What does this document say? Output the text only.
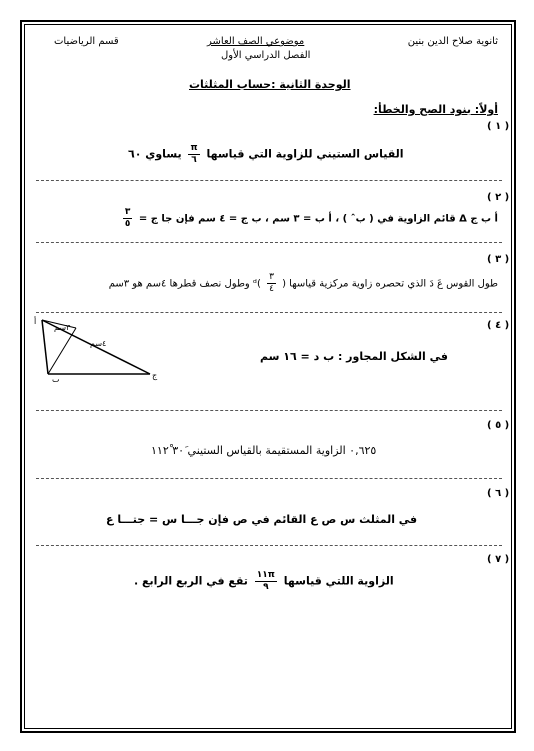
ثانوية صلاح الدين بنين
موضوعي الصف العاشر
الفصل الدراسي الأول
قسم الرياضيات
الوحدة الثانية :حساب المثلثات
أولاً: بنود الصح والخطأ:
( ١ )
القياس الستيني للزاوية التي قياسها
$\frac{\pi}{٦}$
يساوي ٦٠
( ٢ )
أ ب ج Δ قائم الزاوية في ( بˆ ) ، أ ب = ٣ سم ، ب ج = ٤ سم فإن جا ج =
$\frac{٣}{٥}$
( ٣ )
طول القوس عَ دَ الذي تحصره زاوية مركزية قياسها (
$\frac{٣}{٤}$
)ᵈ وطول نصف قطرها ٤سم هو ٣سم
( ٤ )
في الشكل المجاور : ب د = ١٦ سم
٣سم
٤سم
أ
ب	ج
( ٥ )
٠,٦٢٥ الزاوية المستقيمة بالقياس الستيني ٣٠َ ١١٢ْ
( ٦ )
في المثلث س ص ع القائم في ص فإن جـــا س = جتـــا ع
( ٧ )
الزاوية اللتي قياسها
$\frac{١١\pi}{٩}$
تقع في الربع الرابع .
